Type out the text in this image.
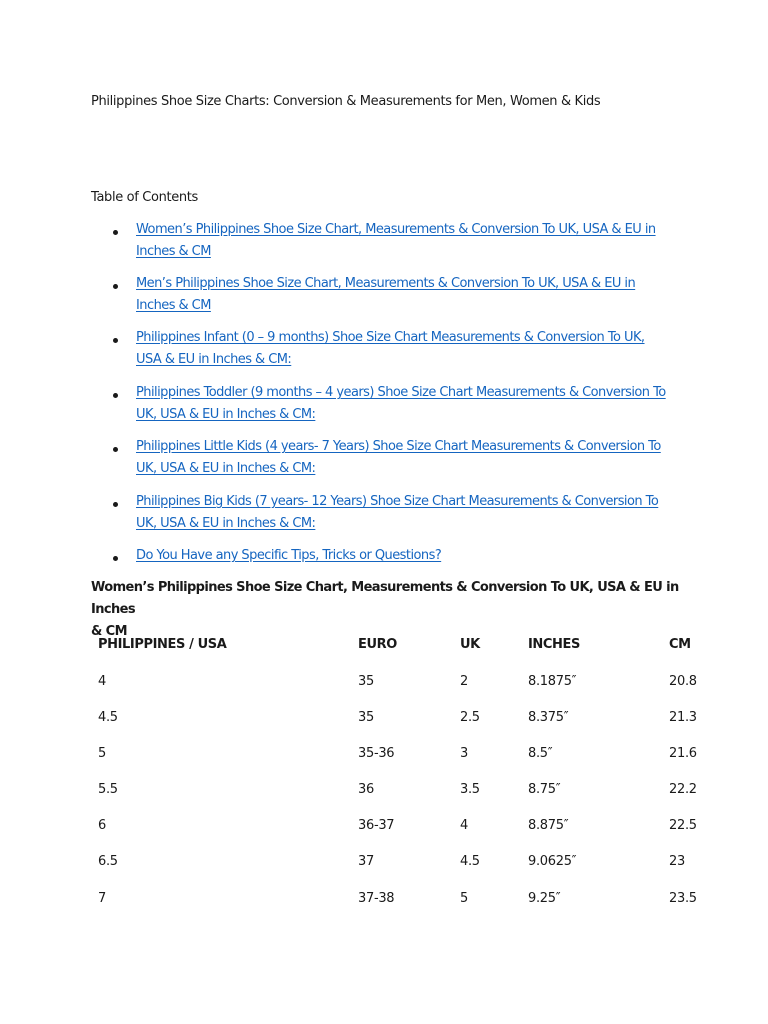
Philippines Shoe Size Charts: Conversion & Measurements for Men, Women & Kids
Table of Contents
Women’s Philippines Shoe Size Chart, Measurements & Conversion To UK, USA & EU in
Inches & CM
Men’s Philippines Shoe Size Chart, Measurements & Conversion To UK, USA & EU in
Inches & CM
Philippines Infant (0 – 9 months) Shoe Size Chart Measurements & Conversion To UK,
USA & EU in Inches & CM:
Philippines Toddler (9 months – 4 years) Shoe Size Chart Measurements & Conversion To
UK, USA & EU in Inches & CM:
Philippines Little Kids (4 years- 7 Years) Shoe Size Chart Measurements & Conversion To
UK, USA & EU in Inches & CM:
Philippines Big Kids (7 years- 12 Years) Shoe Size Chart Measurements & Conversion To
UK, USA & EU in Inches & CM:
Do You Have any Specific Tips, Tricks or Questions?
Women’s Philippines Shoe Size Chart, Measurements & Conversion To UK, USA & EU in Inches
& CM
PHILIPPINES / USA	EURO	UK	INCHES	CM
4	35	2	8.1875″	20.8
4.5	35	2.5	8.375″	21.3
5	35-36	3	8.5″	21.6
5.5	36	3.5	8.75″	22.2
6	36-37	4	8.875″	22.5
6.5	37	4.5	9.0625″	23
7	37-38	5	9.25″	23.5
